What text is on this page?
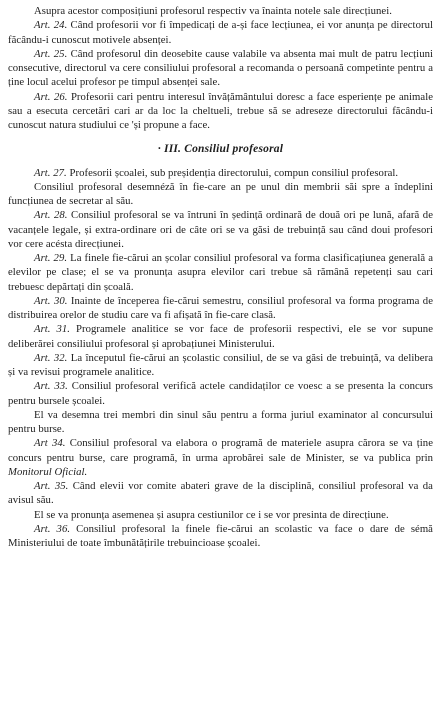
Asupra acestor composițiuni profesorul respectiv va înainta notele sale direcțiunei.

Art. 24. Când profesorii vor fi împedicați de a-și face lecțiunea, ei vor anunța pe directorul făcându-i cunoscut motivele absenței.

Art. 25. Când profesorul din deosebite cause valabile va absenta mai mult de patru lecțiuni consecutive, directorul va cere consiliului profesoral a recomanda o persoană competinte pentru a ține locul acelui profesor pe timpul absenței sale.

Art. 26. Profesorii cari pentru interesul învățământului doresc a face esperiențe pe animale sau a esecuta cercetări cari ar da loc la cheltueli, trebue să se adreseze directorului făcându-i cunoscut natura studiului ce 'și propune a face.

· III. Consiliul profesoral

Art. 27. Profesorii școalei, sub preșidenția directorului, compun consiliul profesoral.

Consiliul profesoral desemnéză în fie-care an pe unul din membrii săi spre a îndeplini funcțiunea de secretar al său.

Art. 28. Consiliul profesoral se va întruni în ședință ordinară de două ori pe lună, afară de vacanțele legale, și extra-ordinare ori de câte ori se va găsi de trebuință sau când doui profesori vor cere acésta direcțiunei.

Art. 29. La finele fie-cărui an școlar consiliul profesoral va forma clasificațiunea generală a elevilor pe clase; el se va pronunța asupra elevilor cari trebue să rămână repetenți sau cari trebuesc depărtați din școală.

Art. 30. Inainte de începerea fie-cărui semestru, consiliul profesoral va forma programa de distribuirea orelor de studiu care va fi afișată în fie-care clasă.

Art. 31. Programele analitice se vor face de profesorii respectivi, ele se vor supune deliberărei consiliului profesoral și aprobațiunei Ministerului.

Art. 32. La începutul fie-cărui an școlastic consiliul, de se va găsi de trebuință, va delibera și va revisui programele analitice.

Art. 33. Consiliul profesoral verifică actele candidaților ce voesc a se presenta la concurs pentru bursele școalei.

El va desemna trei membri din sinul său pentru a forma juriul examinator al concursului pentru burse.

Art 34. Consiliul profesoral va elabora o programă de materiele asupra cărora se va ține concurs pentru burse, care programă, în urma aprobărei sale de Minister, se va publica prin Monitorul Oficial.

Art. 35. Când elevii vor comite abateri grave de la disciplină, consiliul profesoral va da avisul său.

El se va pronunța asemenea și asupra cestiunilor ce i se vor presinta de direcțiune.

Art. 36. Consiliul profesoral la finele fie-cărui an scolastic va face o dare de sémă Ministeriului de toate îmbunătățirile trebuincioase școalei.
